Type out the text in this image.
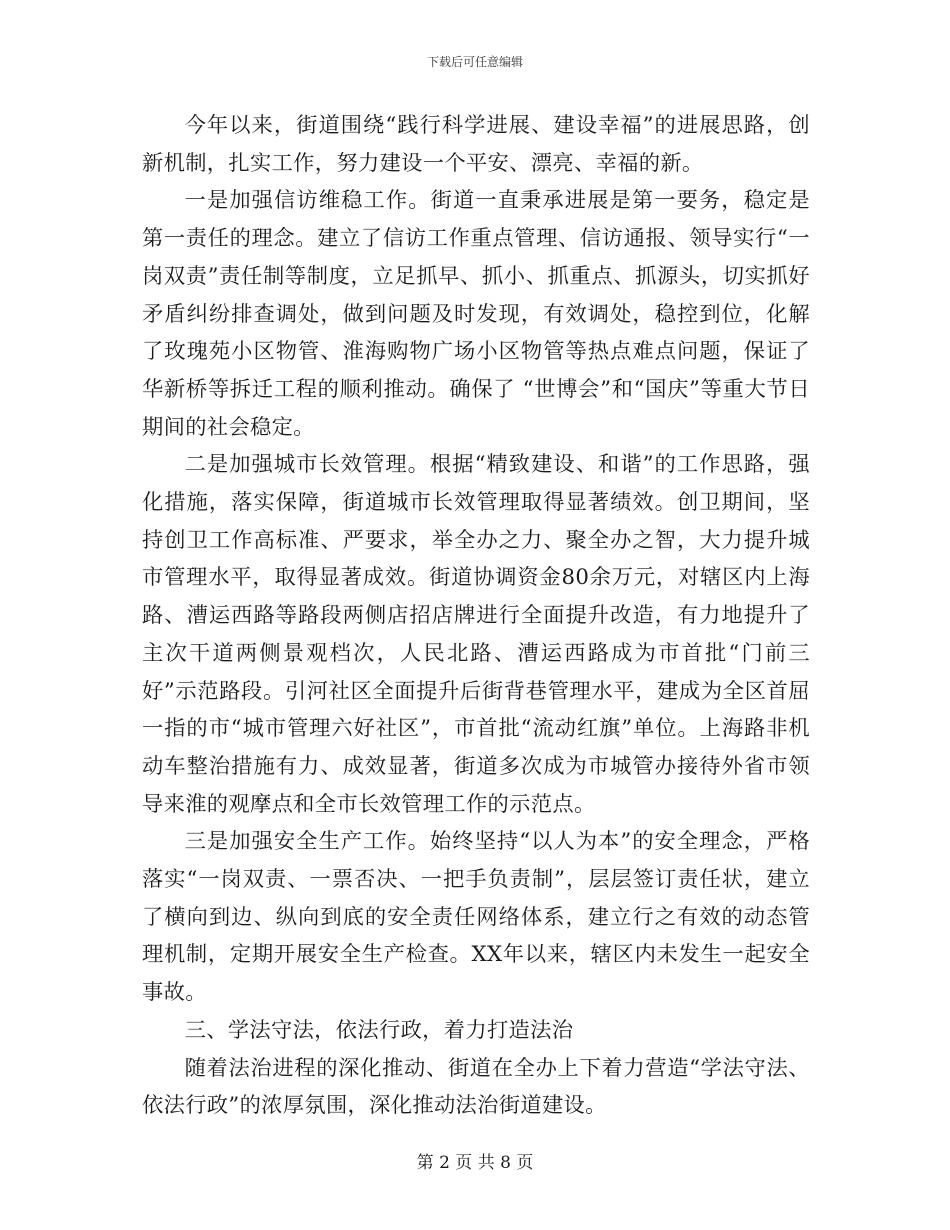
下载后可任意编辑

今年以来，街道围绕“践行科学进展、建设幸福”的进展思路，创新机制，扎实工作，努力建设一个平安、漂亮、幸福的新。

一是加强信访维稳工作。街道一直秉承进展是第一要务，稳定是第一责任的理念。建立了信访工作重点管理、信访通报、领导实行“一岗双责”责任制等制度，立足抓早、抓小、抓重点、抓源头，切实抓好矛盾纠纷排查调处，做到问题及时发现，有效调处，稳控到位，化解了玫瑰苑小区物管、淮海购物广场小区物管等热点难点问题，保证了华新桥等拆迁工程的顺利推动。确保了 “世博会”和“国庆”等重大节日期间的社会稳定。

二是加强城市长效管理。根据“精致建设、和谐”的工作思路，强化措施，落实保障，街道城市长效管理取得显著绩效。创卫期间，坚持创卫工作高标准、严要求，举全办之力、聚全办之智，大力提升城市管理水平，取得显著成效。街道协调资金80余万元，对辖区内上海路、漕运西路等路段两侧店招店牌进行全面提升改造，有力地提升了主次干道两侧景观档次，人民北路、漕运西路成为市首批“门前三好”示范路段。引河社区全面提升后街背巷管理水平，建成为全区首屈一指的市“城市管理六好社区”，市首批“流动红旗”单位。上海路非机动车整治措施有力、成效显著，街道多次成为市城管办接待外省市领导来淮的观摩点和全市长效管理工作的示范点。

三是加强安全生产工作。始终坚持“以人为本”的安全理念，严格落实“一岗双责、一票否决、一把手负责制”，层层签订责任状，建立了横向到边、纵向到底的安全责任网络体系，建立行之有效的动态管理机制，定期开展安全生产检查。XX年以来，辖区内未发生一起安全事故。

三、学法守法，依法行政，着力打造法治

随着法治进程的深化推动、街道在全办上下着力营造“学法守法、依法行政”的浓厚氛围，深化推动法治街道建设。

第 2 页 共 8 页
